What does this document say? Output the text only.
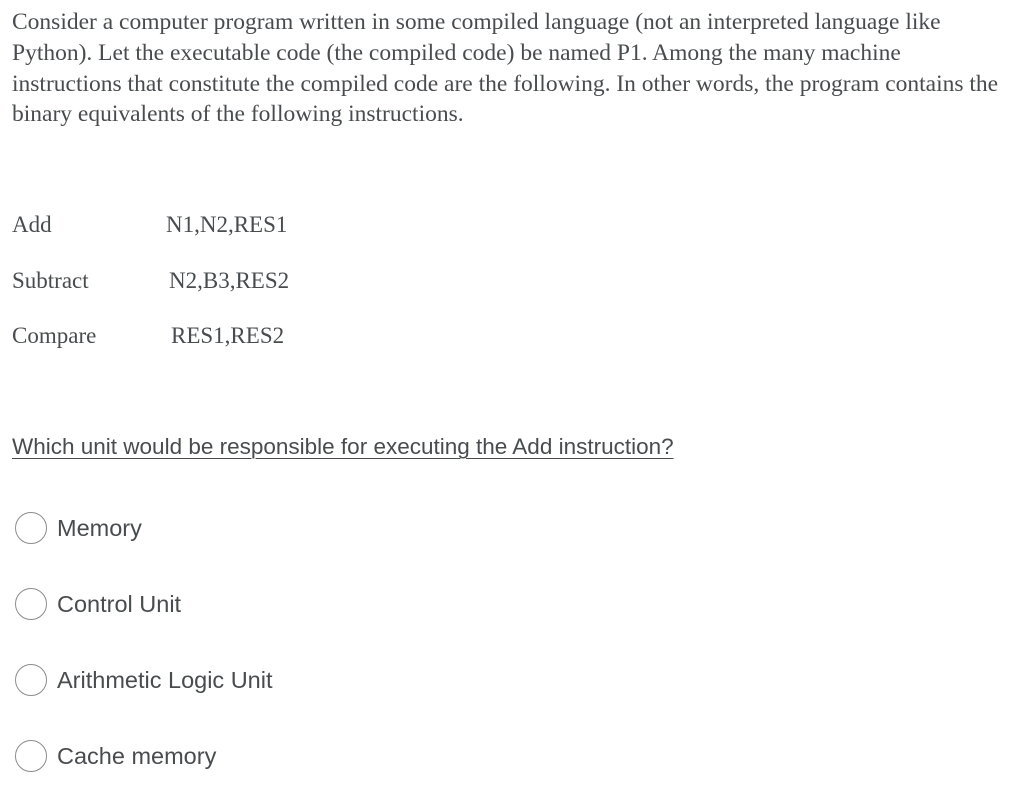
Consider a computer program written in some compiled language (not an interpreted language like Python). Let the executable code (the compiled code) be named P1. Among the many machine instructions that constitute the compiled code are the following. In other words, the program contains the binary equivalents of the following instructions.

Add	N1,N2,RES1
Subtract	N2,B3,RES2
Compare	RES1,RES2
Which unit would be responsible for executing the Add instruction?
Memory
Control Unit
Arithmetic Logic Unit
Cache memory
